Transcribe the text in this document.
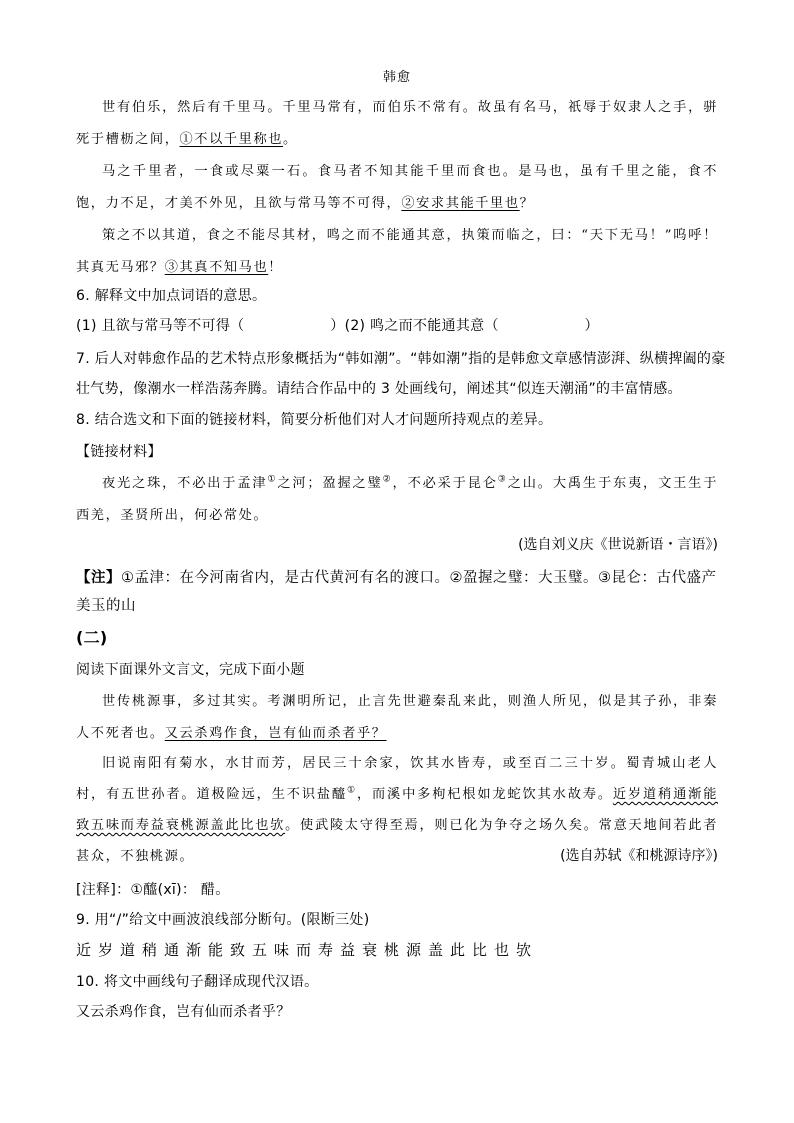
韩愈
世有伯乐，然后有千里马。千里马常有，而伯乐不常有。故虽有名马，祇辱于奴隶人之手，骈死于槽枥之间，①不以千里称也。
马之千里者，一食或尽粟一石。食马者不知其能千里而食也。是马也，虽有千里之能，食不饱，力不足，才美不外见，且欲与常马等不可得，②安求其能千里也？
策之不以其道，食之不能尽其材，鸣之而不能通其意，执策而临之，曰：“天下无马！”呜呼！其真无马邪？③其真不知马也！
6. 解释文中加点词语的意思。
(1) 且欲与常马等不可得（　　　　　　）(2) 鸣之而不能通其意（　　　　　　）
7. 后人对韩愈作品的艺术特点形象概括为“韩如潮”。“韩如潮”指的是韩愈文章感情澎湃、纵横捭阖的豪壮气势，像潮水一样浩荡奔腾。请结合作品中的 3 处画线句，阐述其“似连天潮涌”的丰富情感。
8. 结合选文和下面的链接材料，简要分析他们对人才问题所持观点的差异。
【链接材料】
夜光之珠，不必出于孟津①之河；盈握之璧②，不必采于昆仑③之山。大禹生于东夷，文王生于西羌，圣贤所出，何必常处。
(选自刘义庆《世说新语・言语》)
【注】①孟津：在今河南省内，是古代黄河有名的渡口。②盈握之璧：大玉璧。③昆仑：古代盛产美玉的山
(二)
阅读下面课外文言文，完成下面小题
世传桃源事，多过其实。考渊明所记，止言先世避秦乱来此，则渔人所见，似是其子孙，非秦人不死者也。又云杀鸡作食，岂有仙而杀者乎？
旧说南阳有菊水，水甘而芳，居民三十余家，饮其水皆寿，或至百二三十岁。蜀青城山老人村，有五世孙者。道极险远，生不识盐醯①，而溪中多枸杞根如龙蛇饮其水故寿。近岁道稍通渐能致五味而寿益衰桃源盖此比也欤。使武陵太守得至焉，则已化为争夺之场久矣。常意天地间若此者甚众，不独桃源。	(选自苏轼《和桃源诗序》)
[注释]：①醯(xī)： 醋。
9. 用“/”给文中画波浪线部分断句。(限断三处)
近岁道稍通渐能致五味而寿益衰桃源盖此比也欤
10. 将文中画线句子翻译成现代汉语。
又云杀鸡作食，岂有仙而杀者乎？
